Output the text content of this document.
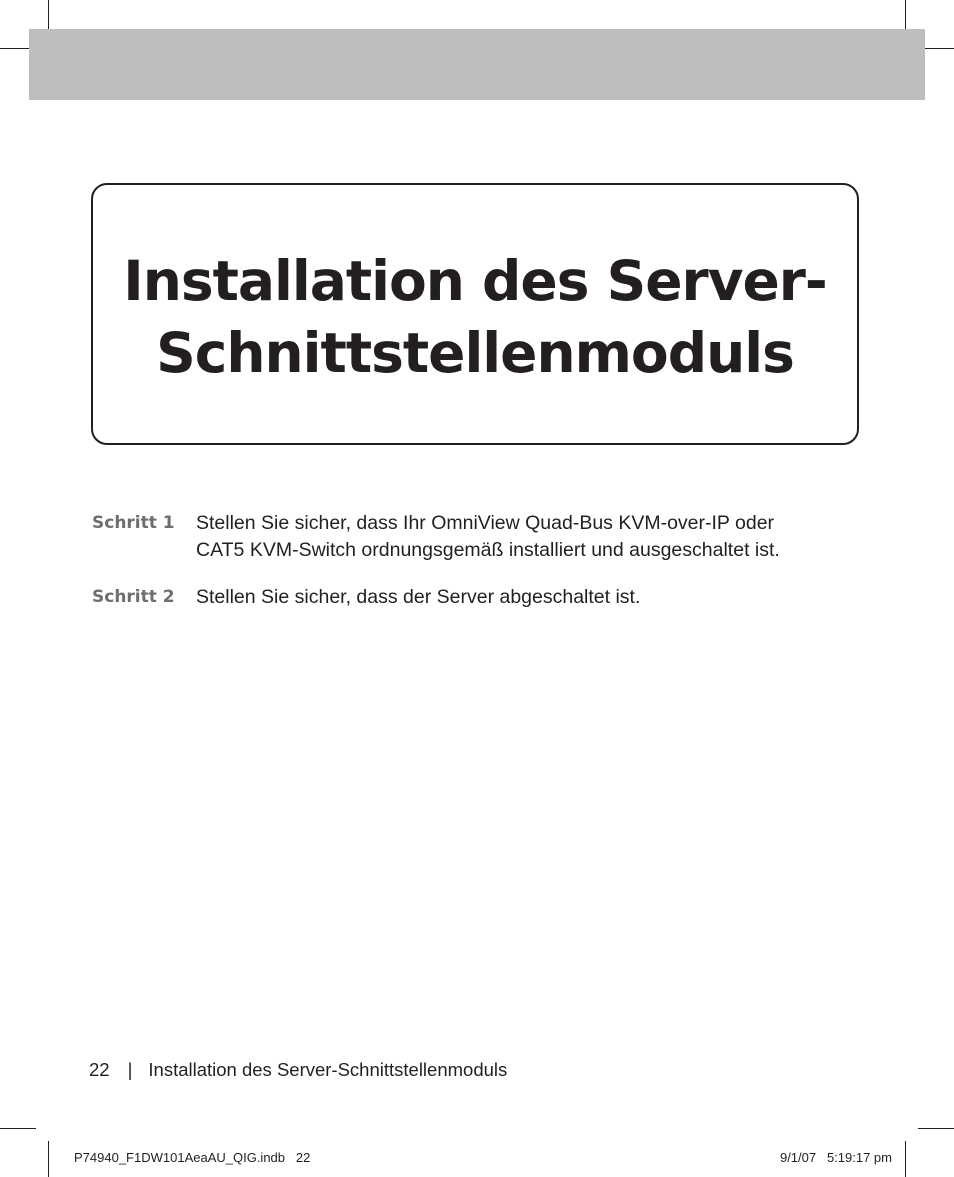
Installation des Server-
Schnittstellenmoduls
Schritt 1	Stellen Sie sicher, dass Ihr OmniView Quad-Bus KVM-over-IP oder
CAT5 KVM-Switch ordnungsgemäß installiert und ausgeschaltet ist.
Schritt 2	Stellen Sie sicher, dass der Server abgeschaltet ist.
22 | Installation des Server-Schnittstellenmoduls
P74940_F1DW101AeaAU_QIG.indb   22	9/1/07   5:19:17 pm
